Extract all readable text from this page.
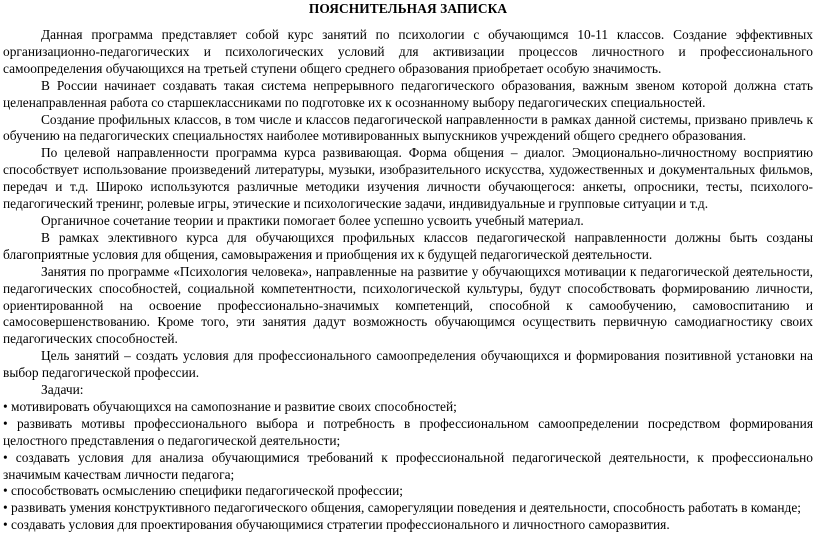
ПОЯСНИТЕЛЬНАЯ ЗАПИСКА

Данная программа представляет собой курс занятий по психологии с обучающимся 10-11 классов. Создание эффективных организационно-педагогических и психологических условий для активизации процессов личностного и профессионального самоопределения обучающихся на третьей ступени общего среднего образования приобретает особую значимость.

В России начинает создавать такая система непрерывного педагогического образования, важным звеном которой должна стать целенаправленная работа со старшеклассниками по подготовке их к осознанному выбору педагогических специальностей.

Создание профильных классов, в том числе и классов педагогической направленности в рамках данной системы, призвано привлечь к обучению на педагогических специальностях наиболее мотивированных выпускников учреждений общего среднего образования.

По целевой направленности программа курса развивающая. Форма общения – диалог. Эмоционально-личностному восприятию способствует использование произведений литературы, музыки, изобразительного искусства, художественных и документальных фильмов, передач и т.д. Широко используются различные методики изучения личности обучающегося: анкеты, опросники, тесты, психолого-педагогический тренинг, ролевые игры, этические и психологические задачи, индивидуальные и групповые ситуации и т.д.

Органичное сочетание теории и практики помогает более успешно усвоить учебный материал.

В рамках элективного курса для обучающихся профильных классов педагогической направленности должны быть созданы благоприятные условия для общения, самовыражения и приобщения их к будущей педагогической деятельности.

Занятия по программе «Психология человека», направленные на развитие у обучающихся мотивации к педагогической деятельности, педагогических способностей, социальной компетентности, психологической культуры, будут способствовать формированию личности, ориентированной на освоение профессионально-значимых компетенций, способной к самообучению, самовоспитанию и самосовершенствованию. Кроме того, эти занятия дадут возможность обучающимся осуществить первичную самодиагностику своих педагогических способностей.

Цель занятий – создать условия для профессионального самоопределения обучающихся и формирования позитивной установки на выбор педагогической профессии.

Задачи:

• мотивировать обучающихся на самопознание и развитие своих способностей;

• развивать мотивы профессионального выбора и потребность в профессиональном самоопределении посредством формирования целостного представления о педагогической деятельности;

• создавать условия для анализа обучающимися требований к профессиональной педагогической деятельности, к профессионально значимым качествам личности педагога;

• способствовать осмыслению специфики педагогической профессии;

• развивать умения конструктивного педагогического общения, саморегуляции поведения и деятельности, способность работать в команде;

• создавать условия для проектирования обучающимися стратегии профессионального и личностного саморазвития.
